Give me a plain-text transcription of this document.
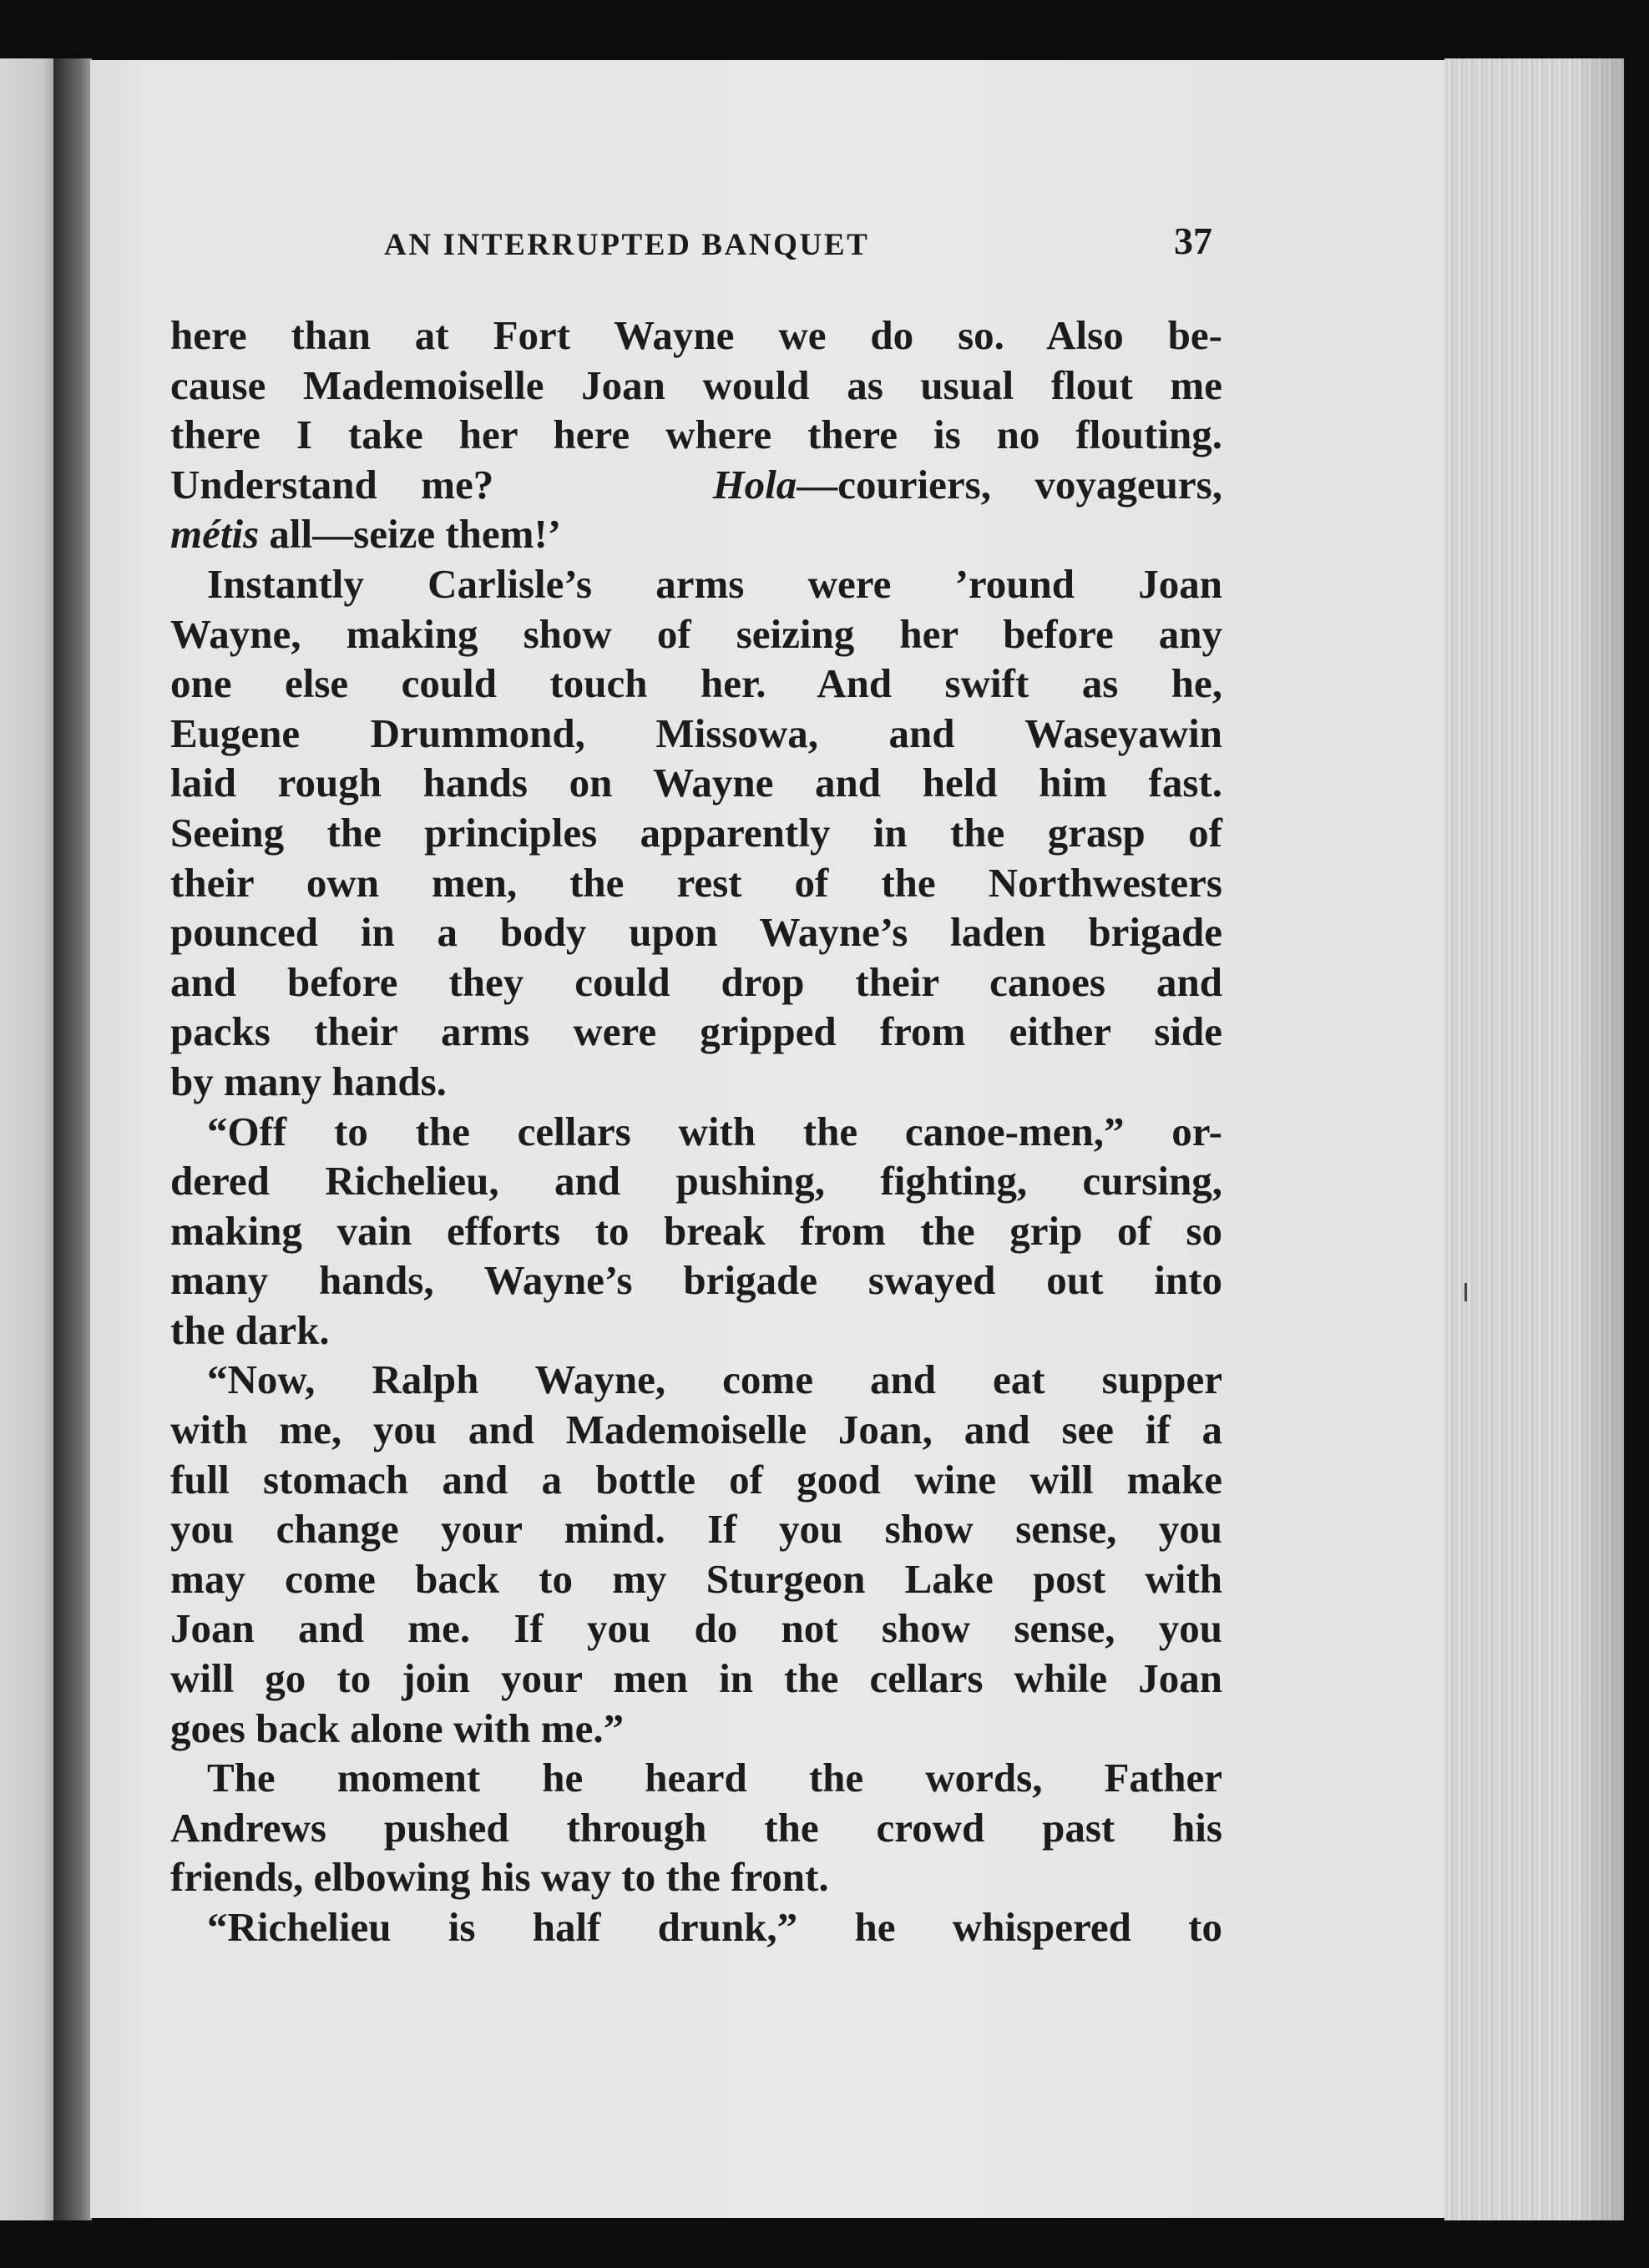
AN INTERRUPTED BANQUET	37
here than at Fort Wayne we do so. Also be-
cause Mademoiselle Joan would as usual flout me
there I take her here where there is no flouting.
Understand me?	Hola—couriers, voyageurs,
métis all—seize them!’
Instantly Carlisle’s arms were ’round Joan
Wayne, making show of seizing her before any
one else could touch her. And swift as he,
Eugene Drummond, Missowa, and Waseyawin
laid rough hands on Wayne and held him fast.
Seeing the principles apparently in the grasp of
their own men, the rest of the Northwesters
pounced in a body upon Wayne’s laden brigade
and before they could drop their canoes and
packs their arms were gripped from either side
by many hands.
“Off to the cellars with the canoe-men,” or-
dered Richelieu, and pushing, fighting, cursing,
making vain efforts to break from the grip of so
many hands, Wayne’s brigade swayed out into
the dark.
“Now, Ralph Wayne, come and eat supper
with me, you and Mademoiselle Joan, and see if a
full stomach and a bottle of good wine will make
you change your mind. If you show sense, you
may come back to my Sturgeon Lake post with
Joan and me. If you do not show sense, you
will go to join your men in the cellars while Joan
goes back alone with me.”
The moment he heard the words, Father
Andrews pushed through the crowd past his
friends, elbowing his way to the front.
“Richelieu is half drunk,” he whispered to
